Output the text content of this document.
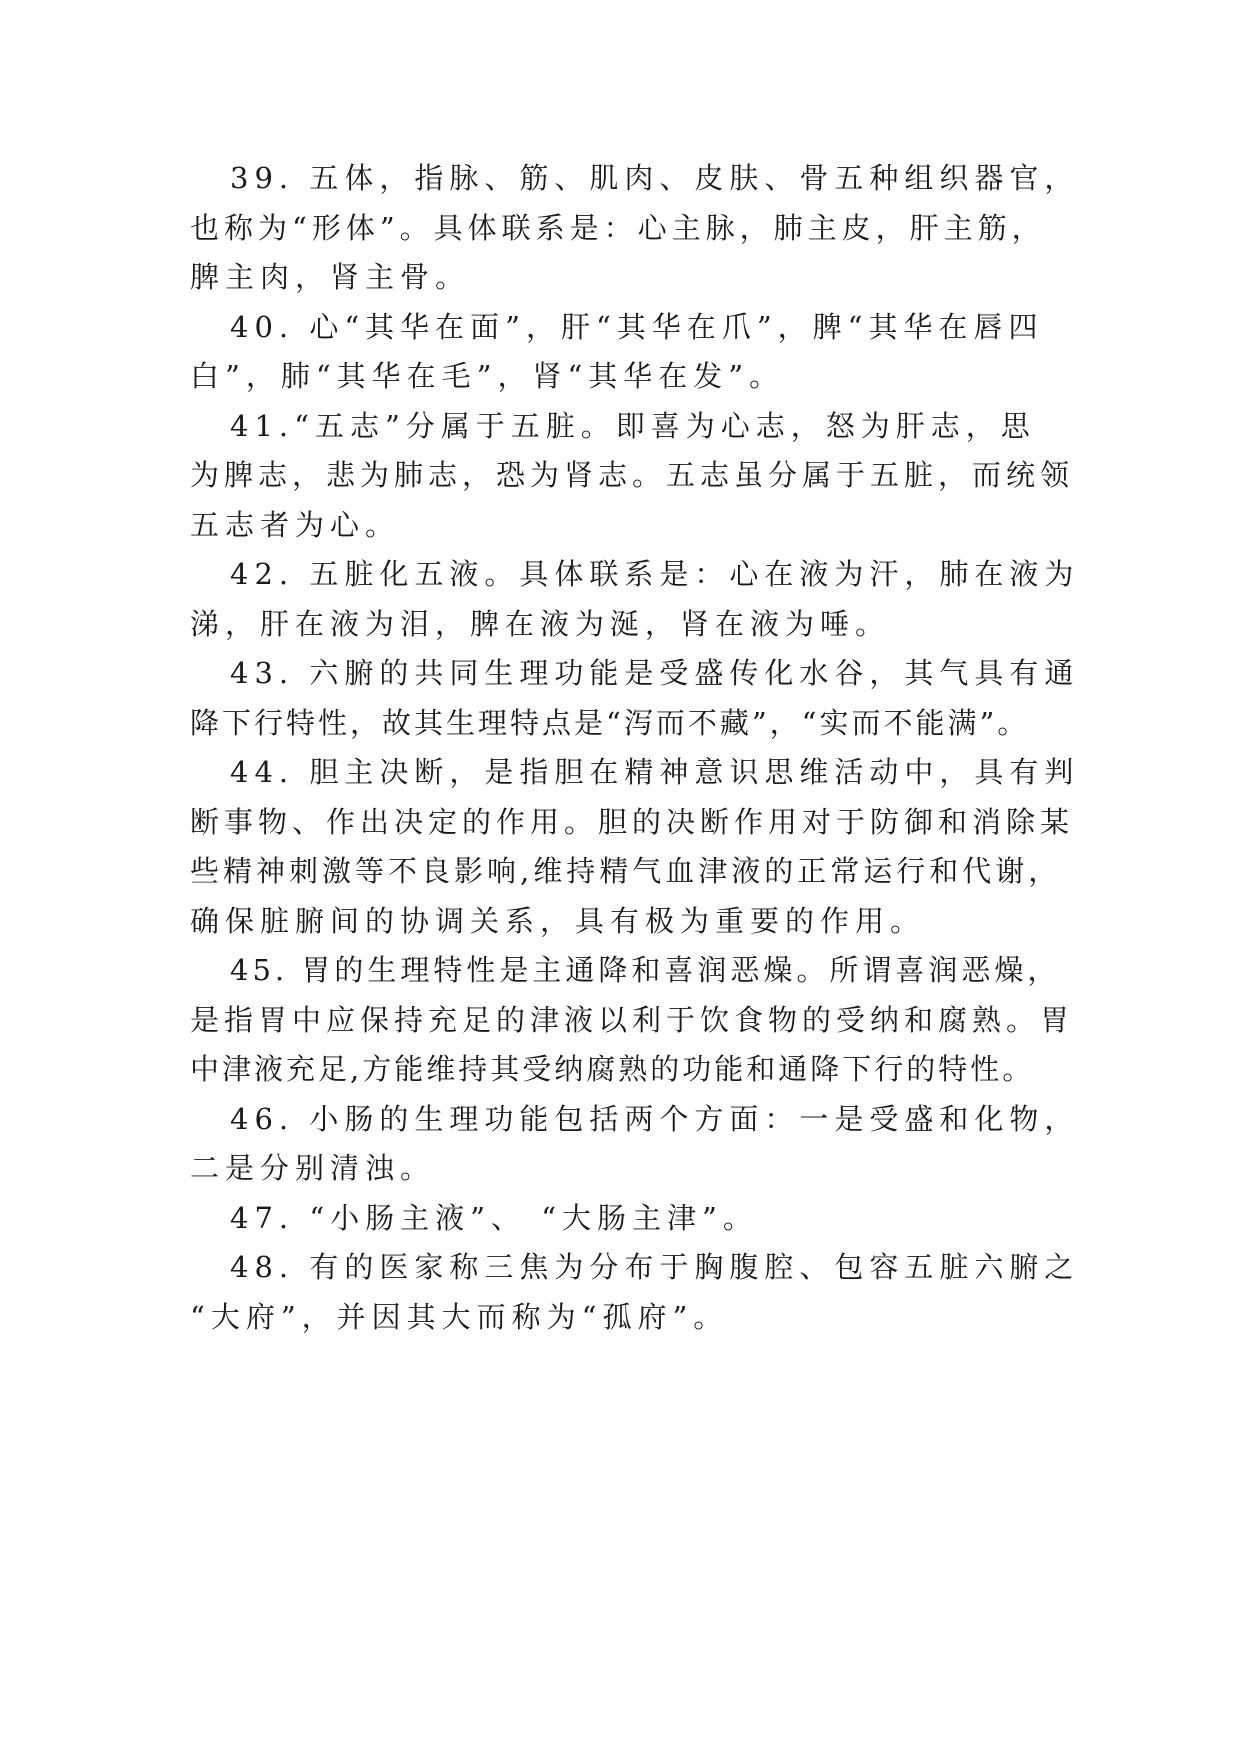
39. 五体，指脉、筋、肌肉、皮肤、骨五种组织器官，
也称为“形体”。具体联系是：心主脉，肺主皮，肝主筋，
脾主肉，肾主骨。
40. 心“其华在面”，肝“其华在爪”，脾“其华在唇四
白”，肺“其华在毛”，肾“其华在发”。
41.“五志”分属于五脏。即喜为心志，怒为肝志，思
为脾志，悲为肺志，恐为肾志。五志虽分属于五脏，而统领
五志者为心。
42. 五脏化五液。具体联系是：心在液为汗，肺在液为
涕，肝在液为泪，脾在液为涎，肾在液为唾。
43. 六腑的共同生理功能是受盛传化水谷，其气具有通
降下行特性，故其生理特点是“泻而不藏”，“实而不能满”。
44. 胆主决断，是指胆在精神意识思维活动中，具有判
断事物、作出决定的作用。胆的决断作用对于防御和消除某
些精神刺激等不良影响,维持精气血津液的正常运行和代谢，
确保脏腑间的协调关系，具有极为重要的作用。
45. 胃的生理特性是主通降和喜润恶燥。所谓喜润恶燥，
是指胃中应保持充足的津液以利于饮食物的受纳和腐熟。胃
中津液充足,方能维持其受纳腐熟的功能和通降下行的特性。
46. 小肠的生理功能包括两个方面：一是受盛和化物，
二是分别清浊。
47. “小肠主液”、 “大肠主津”。
48. 有的医家称三焦为分布于胸腹腔、包容五脏六腑之
“大府”，并因其大而称为“孤府”。
